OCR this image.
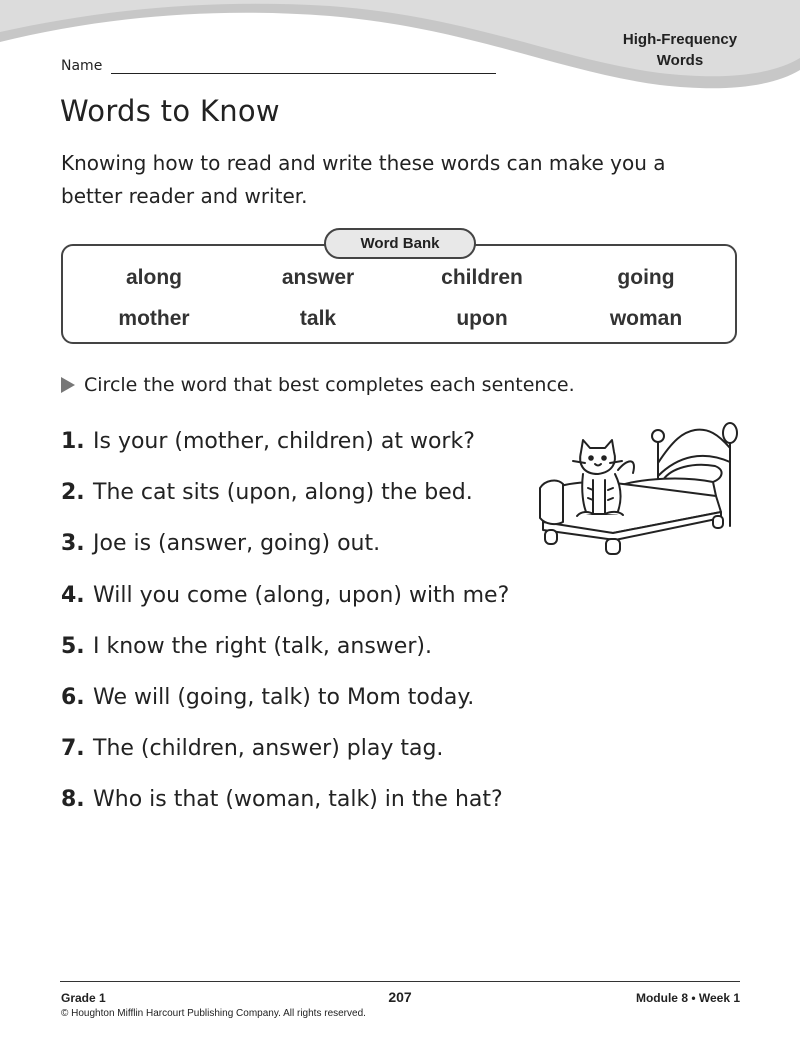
High-Frequency
Words
Name
Words to Know

Knowing how to read and write these words can make you a better reader and writer.

Word Bank
along	answer	children	going
mother	talk	upon	woman
Circle the word that best completes each sentence.
1. Is your (mother, children) at work?
2. The cat sits (upon, along) the bed.
3. Joe is (answer, going) out.
4. Will you come (along, upon) with me?
5. I know the right (talk, answer).
6. We will (going, talk) to Mom today.
7. The (children, answer) play tag.
8. Who is that (woman, talk) in the hat?
Grade 1	207	Module 8 • Week 1
© Houghton Mifflin Harcourt Publishing Company. All rights reserved.
